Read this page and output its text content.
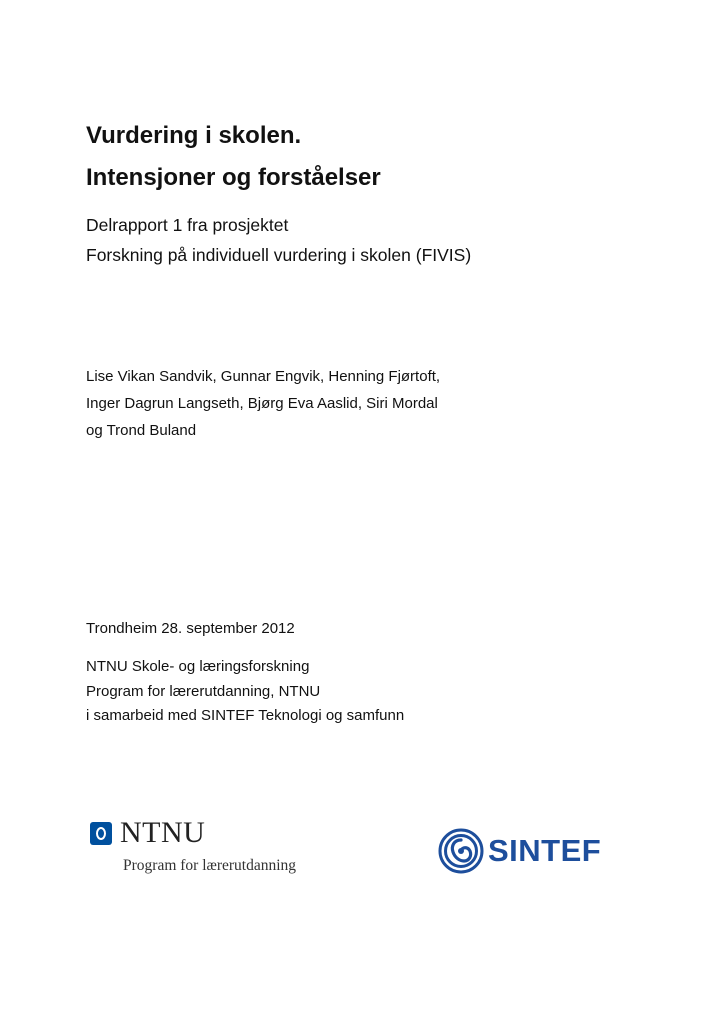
Vurdering i skolen.
Intensjoner og forståelser
Delrapport 1 fra prosjektet
Forskning på individuell vurdering i skolen (FIVIS)
Lise Vikan Sandvik, Gunnar Engvik, Henning Fjørtoft,
Inger Dagrun Langseth, Bjørg Eva Aaslid, Siri Mordal
og Trond Buland
Trondheim 28. september 2012
NTNU Skole- og læringsforskning
Program for lærerutdanning, NTNU
i samarbeid med SINTEF Teknologi og samfunn
NTNU
Program for lærerutdanning	SINTEF
